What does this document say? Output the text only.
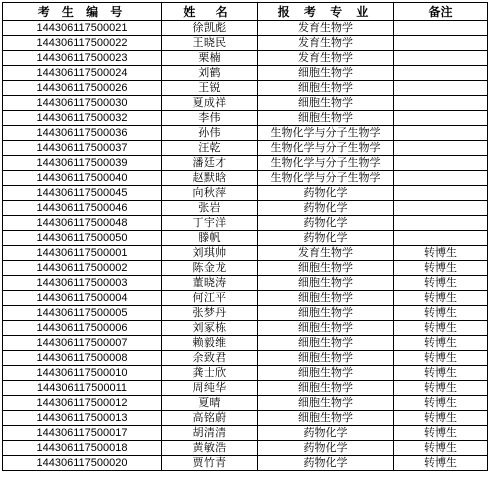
考 生 编 号	姓 名	报 考 专 业	备注
144306117500021	徐凯彪	发育生物学	
144306117500022	王晓民	发育生物学	
144306117500023	栗楠	发育生物学	
144306117500024	刘鹤	细胞生物学	
144306117500026	王锐	细胞生物学	
144306117500030	夏成祥	细胞生物学	
144306117500032	李伟	细胞生物学	
144306117500036	孙伟	生物化学与分子生物学	
144306117500037	汪乾	生物化学与分子生物学	
144306117500039	潘廷才	生物化学与分子生物学	
144306117500040	赵默晗	生物化学与分子生物学	
144306117500045	向秋萍	药物化学	
144306117500046	张岩	药物化学	
144306117500048	丁宇洋	药物化学	
144306117500050	滕帆	药物化学	
144306117500001	刘琪帅	发育生物学	转博生
144306117500002	陈金龙	细胞生物学	转博生
144306117500003	董晓涛	细胞生物学	转博生
144306117500004	何江平	细胞生物学	转博生
144306117500005	张梦丹	细胞生物学	转博生
144306117500006	刘冢栋	细胞生物学	转博生
144306117500007	赖毅维	细胞生物学	转博生
144306117500008	余致君	细胞生物学	转博生
144306117500010	龚士欣	细胞生物学	转博生
144306117500011	周纯华	细胞生物学	转博生
144306117500012	夏晴	细胞生物学	转博生
144306117500013	高铭蔚	细胞生物学	转博生
144306117500017	胡清清	药物化学	转博生
144306117500018	黄敏浩	药物化学	转博生
144306117500020	贾竹青	药物化学	转博生
